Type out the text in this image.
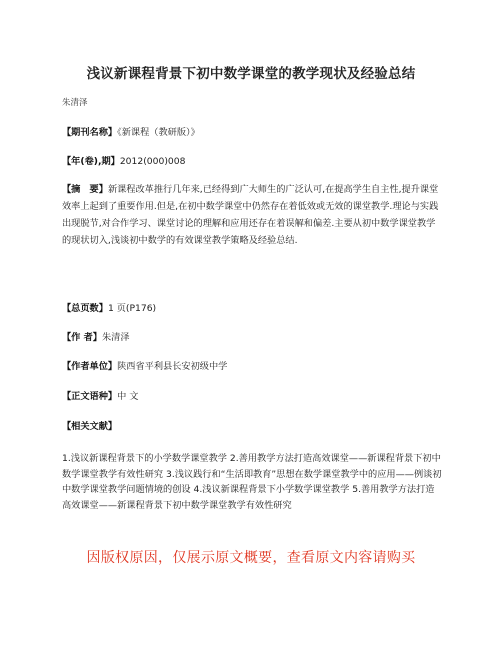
浅议新课程背景下初中数学课堂的教学现状及经验总结
朱清泽
【期刊名称】《新课程（教研版）》
【年(卷),期】2012(000)008
【摘　要】新课程改革推行几年来,已经得到广大师生的广泛认可,在提高学生自主性,提升课堂效率上起到了重要作用.但是,在初中数学课堂中仍然存在着低效或无效的课堂教学.理论与实践出现脱节,对合作学习、课堂讨论的理解和应用还存在着误解和偏差.主要从初中数学课堂教学的现状切入,浅谈初中数学的有效课堂教学策略及经验总结.
【总页数】1 页(P176)
【作 者】朱清泽
【作者单位】陕西省平利县长安初级中学
【正文语种】中 文
【相关文献】
1.浅议新课程背景下的小学数学课堂教学 2.善用教学方法打造高效课堂——新课程背景下初中数学课堂教学有效性研究 3.浅议践行和“生活即教育”思想在数学课堂教学中的应用——例谈初中数学课堂教学问题情境的创设 4.浅议新课程背景下小学数学课堂教学 5.善用教学方法打造高效课堂——新课程背景下初中数学课堂教学有效性研究
因版权原因，仅展示原文概要，查看原文内容请购买
